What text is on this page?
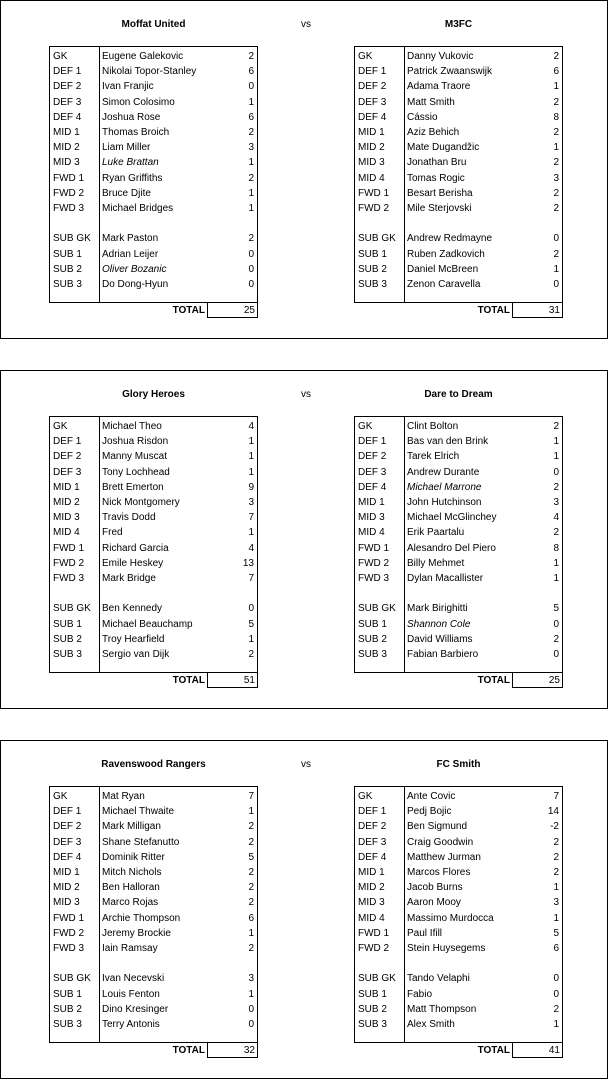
Moffat United	vs	M3FC
GK	Eugene Galekovic	2
DEF 1 Nikolai Topor-Stanley	6
DEF 2 Ivan Franjic	0
DEF 3 Simon Colosimo	1
DEF 4 Joshua Rose	6
MID 1 Thomas Broich	2
MID 2 Liam Miller	3
MID 3 Luke Brattan	1
FWD 1 Ryan Griffiths	2
FWD 2 Bruce Djite	1
FWD 3 Michael Bridges	1
SUB GK Mark Paston	2
SUB 1 Adrian Leijer	0
SUB 2 Oliver Bozanic	0
SUB 3 Do Dong-Hyun	0
GK	Danny Vukovic	2
DEF 1 Patrick Zwaanswijk	6
DEF 2 Adama Traore	1
DEF 3 Matt Smith	2
DEF 4 Cássio	8
MID 1 Aziz Behich	2
MID 2 Mate Dugandžic	1
MID 3 Jonathan Bru	2
MID 4 Tomas Rogic	3
FWD 1 Besart Berisha	2
FWD 2 Mile Sterjovski	2
SUB GK Andrew Redmayne	0
SUB 1 Ruben Zadkovich	2
SUB 2 Daniel McBreen	1
SUB 3 Zenon Caravella	0
TOTAL	25	TOTAL	31
Glory Heroes	vs	Dare to Dream
GK	Michael Theo	4
DEF 1 Joshua Risdon	1
DEF 2 Manny Muscat	1
DEF 3 Tony Lochhead	1
MID 1 Brett Emerton	9
MID 2 Nick Montgomery	3
MID 3 Travis Dodd	7
MID 4 Fred	1
FWD 1 Richard Garcia	4
FWD 2 Emile Heskey	13
FWD 3 Mark Bridge	7
SUB GK Ben Kennedy	0
SUB 1 Michael Beauchamp	5
SUB 2 Troy Hearfield	1
SUB 3 Sergio van Dijk	2
GK	Clint Bolton	2
DEF 1 Bas van den Brink	1
DEF 2 Tarek Elrich	1
DEF 3 Andrew Durante	0
DEF 4 Michael Marrone	2
MID 1 John Hutchinson	3
MID 3 Michael McGlinchey	4
MID 4 Erik Paartalu	2
FWD 1 Alesandro Del Piero	8
FWD 2 Billy Mehmet	1
FWD 3 Dylan Macallister	1
SUB GK Mark Birighitti	5
SUB 1 Shannon Cole	0
SUB 2 David Williams	2
SUB 3 Fabian Barbiero	0
TOTAL	51	TOTAL	25
Ravenswood Rangers	vs	FC Smith
GK	Mat Ryan	7
DEF 1 Michael Thwaite	1
DEF 2 Mark Milligan	2
DEF 3 Shane Stefanutto	2
DEF 4 Dominik Ritter	5
MID 1 Mitch Nichols	2
MID 2 Ben Halloran	2
MID 3 Marco Rojas	2
FWD 1 Archie Thompson	6
FWD 2 Jeremy Brockie	1
FWD 3 Iain Ramsay	2
SUB GK Ivan Necevski	3
SUB 1 Louis Fenton	1
SUB 2 Dino Kresinger	0
SUB 3 Terry Antonis	0
GK	Ante Covic	7
DEF 1 Pedj Bojic	14
DEF 2 Ben Sigmund	-2
DEF 3 Craig Goodwin	2
DEF 4 Matthew Jurman	2
MID 1 Marcos Flores	2
MID 2 Jacob Burns	1
MID 3 Aaron Mooy	3
MID 4 Massimo Murdocca	1
FWD 1 Paul Ifill	5
FWD 2 Stein Huysegems	6
SUB GK Tando Velaphi	0
SUB 1 Fabio	0
SUB 2 Matt Thompson	2
SUB 3 Alex Smith	1
TOTAL	32	TOTAL	41
